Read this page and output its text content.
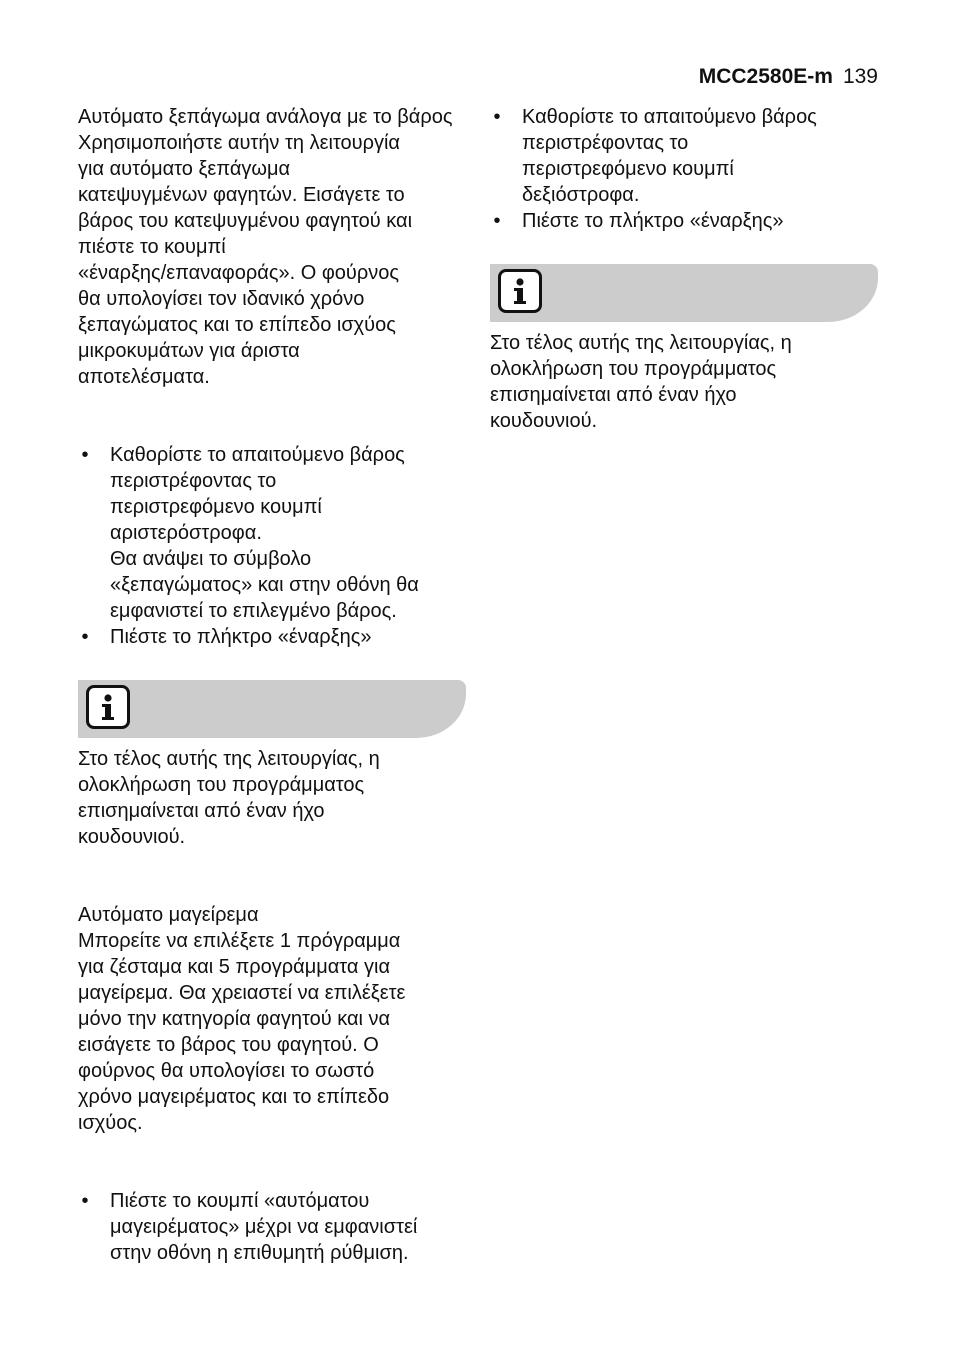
MCC2580E-m 139

Αυτόματο ξεπάγωμα ανάλογα με το βάρος

Χρησιμοποιήστε αυτήν τη λειτουργία
για αυτόματο ξεπάγωμα
κατεψυγμένων φαγητών. Εισάγετε το
βάρος του κατεψυγμένου φαγητού και
πιέστε το κουμπί
«έναρξης/επαναφοράς». Ο φούρνος
θα υπολογίσει τον ιδανικό χρόνο
ξεπαγώματος και το επίπεδο ισχύος
μικροκυμάτων για άριστα
αποτελέσματα.
• Καθορίστε το απαιτούμενο βάρος
περιστρέφοντας το
περιστρεφόμενο κουμπί
αριστερόστροφα.
Θα ανάψει το σύμβολο
«ξεπαγώματος» και στην οθόνη θα
εμφανιστεί το επιλεγμένο βάρος.
• Πιέστε το πλήκτρο «έναρξης»
Στο τέλος αυτής της λειτουργίας, η
ολοκλήρωση του προγράμματος
επισημαίνεται από έναν ήχο
κουδουνιού.
Αυτόματο μαγείρεμα
Μπορείτε να επιλέξετε 1 πρόγραμμα
για ζέσταμα και 5 προγράμματα για
μαγείρεμα. Θα χρειαστεί να επιλέξετε
μόνο την κατηγορία φαγητού και να
εισάγετε το βάρος του φαγητού. Ο
φούρνος θα υπολογίσει το σωστό
χρόνο μαγειρέματος και το επίπεδο
ισχύος.
• Πιέστε το κουμπί «αυτόματου
μαγειρέματος» μέχρι να εμφανιστεί
στην οθόνη η επιθυμητή ρύθμιση.
• Καθορίστε το απαιτούμενο βάρος
περιστρέφοντας το
περιστρεφόμενο κουμπί
δεξιόστροφα.
• Πιέστε το πλήκτρο «έναρξης»
Στο τέλος αυτής της λειτουργίας, η
ολοκλήρωση του προγράμματος
επισημαίνεται από έναν ήχο
κουδουνιού.
